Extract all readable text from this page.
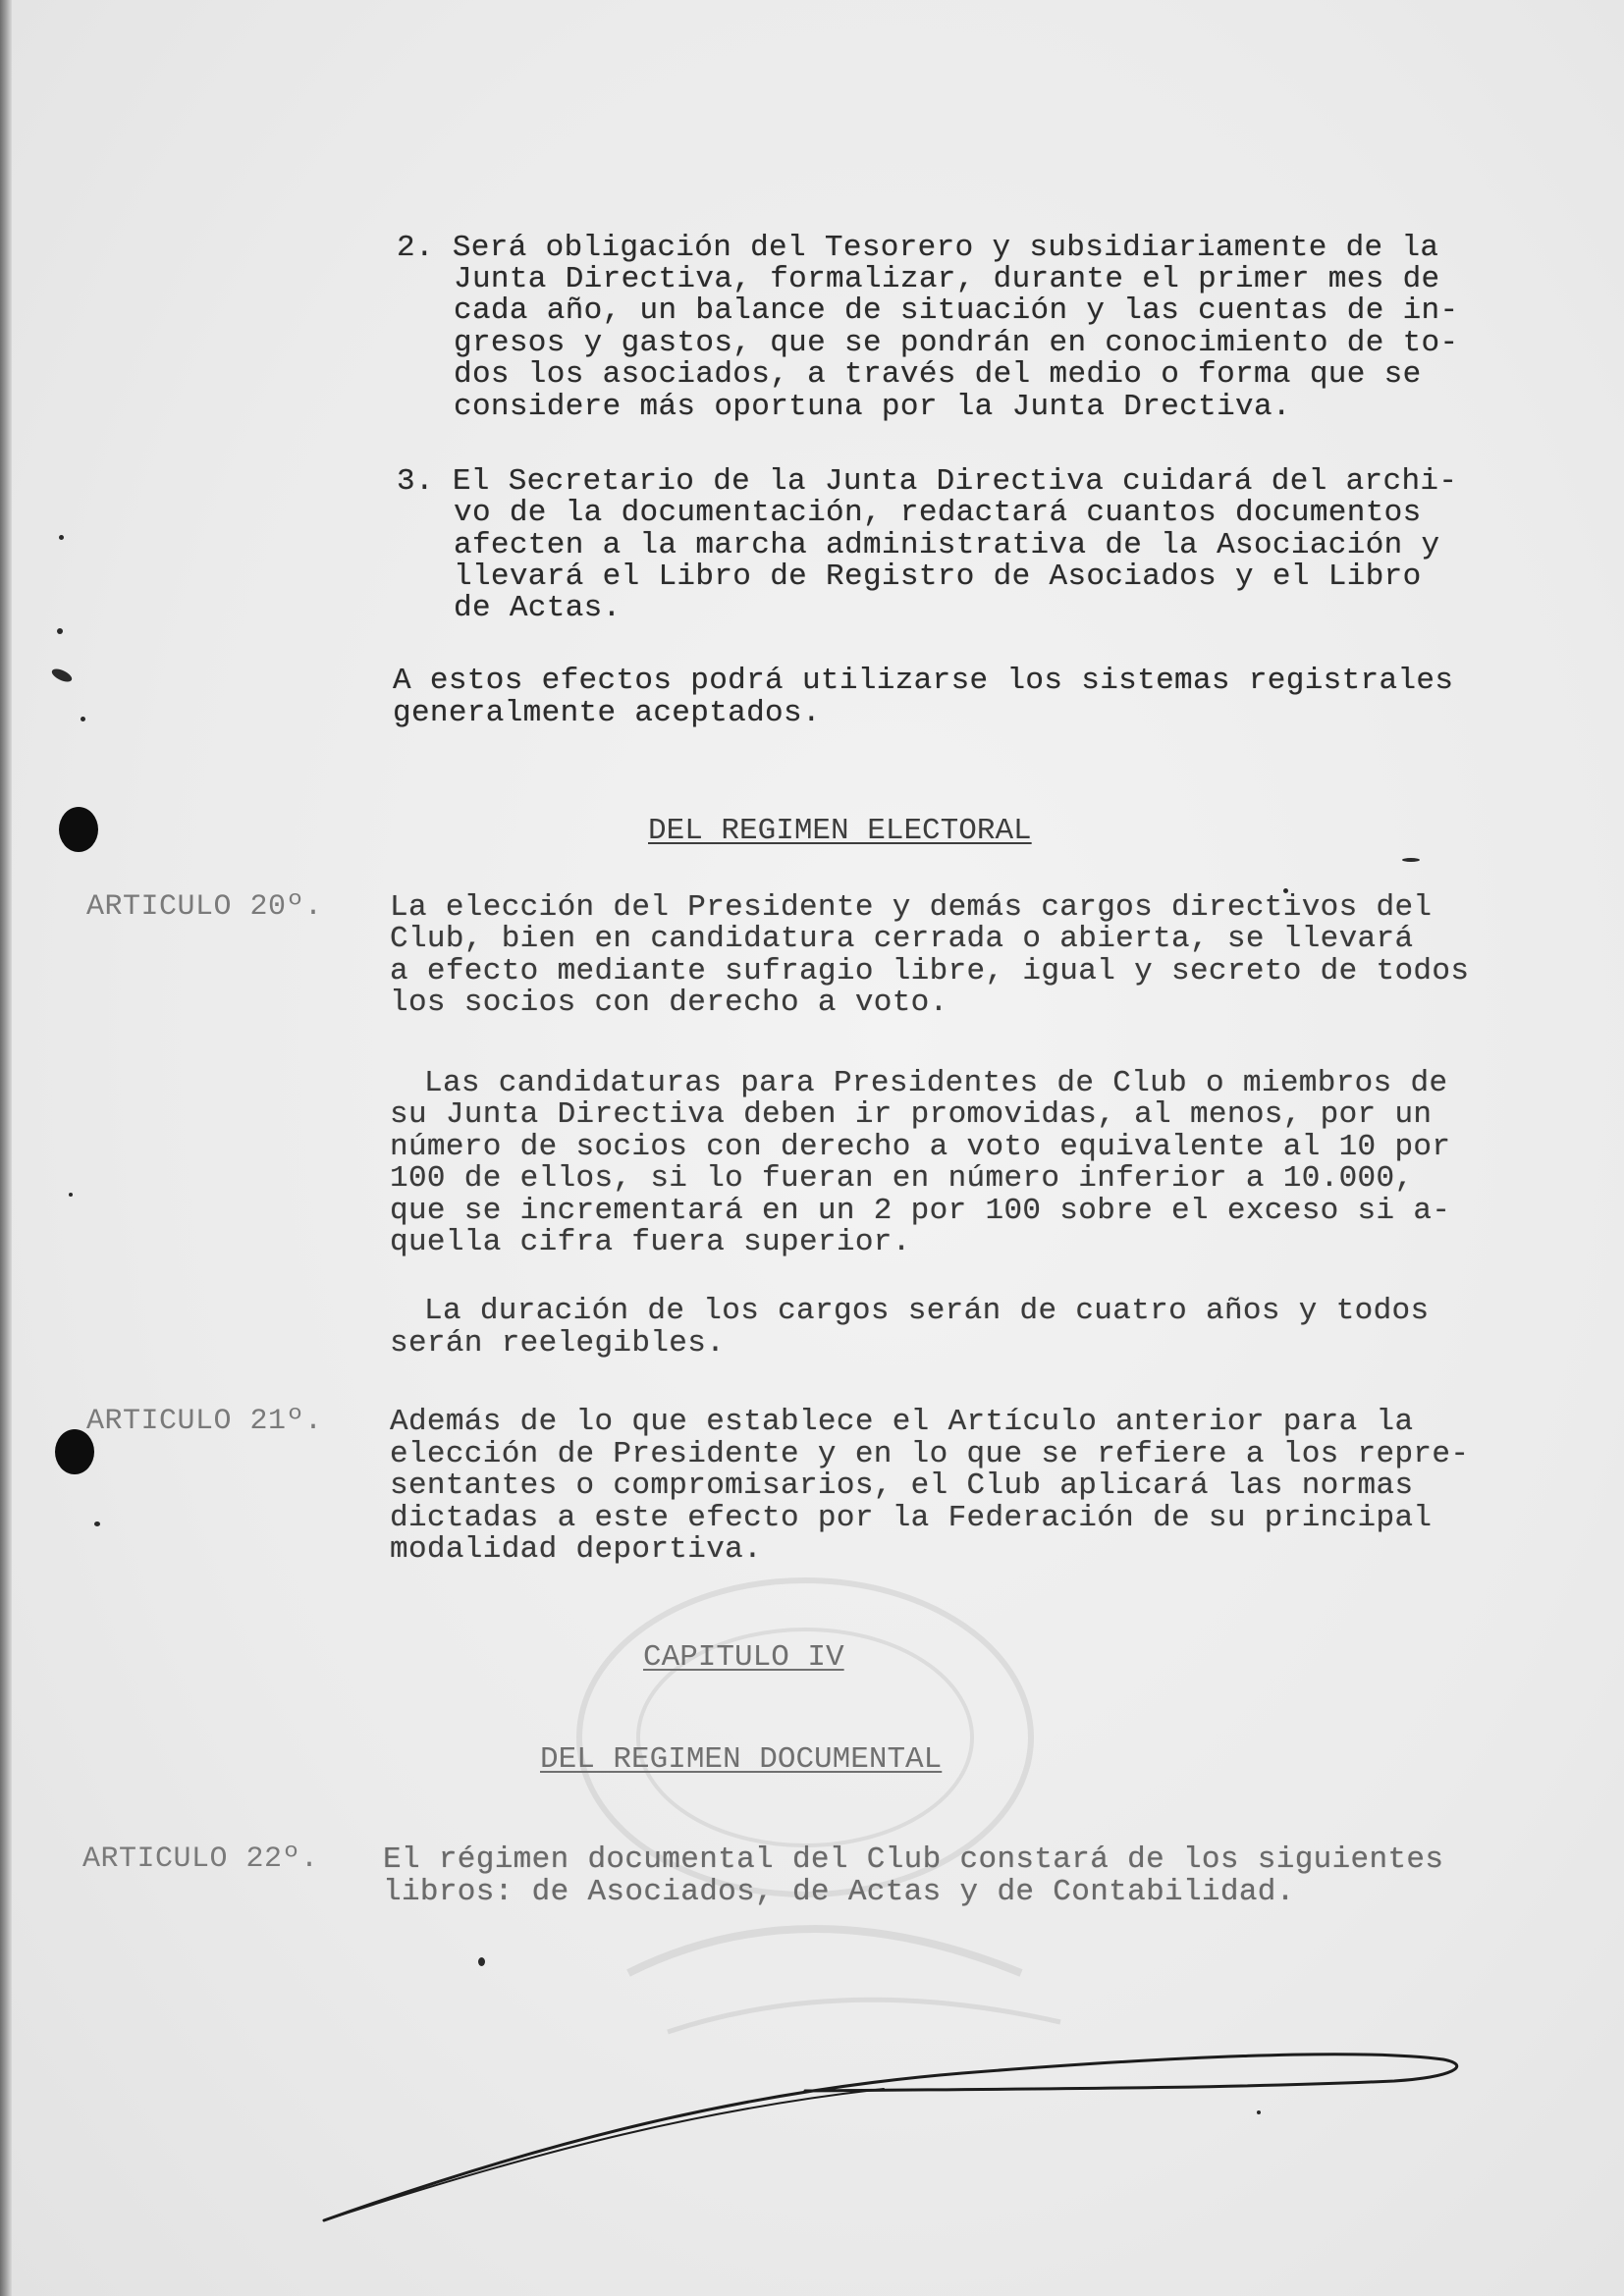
2. Será obligación del Tesorero y subsidiariamente de la
Junta Directiva, formalizar, durante el primer mes de
cada año, un balance de situación y las cuentas de in-
gresos y gastos, que se pondrán en conocimiento de to-
dos los asociados, a través del medio o forma que se
considere más oportuna por la Junta Drectiva.
3. El Secretario de la Junta Directiva cuidará del archi-
vo de la documentación, redactará cuantos documentos
afecten a la marcha administrativa de la Asociación y
llevará el Libro de Registro de Asociados y el Libro
de Actas.
A estos efectos podrá utilizarse los sistemas registrales
generalmente aceptados.
DEL REGIMEN ELECTORAL
ARTICULO 20º. La elección del Presidente y demás cargos directivos del
Club, bien en candidatura cerrada o abierta, se llevará
a efecto mediante sufragio libre, igual y secreto de todos
los socios con derecho a voto.
Las candidaturas para Presidentes de Club o miembros de
su Junta Directiva deben ir promovidas, al menos, por un
número de socios con derecho a voto equivalente al 10 por
100 de ellos, si lo fueran en número inferior a 10.000,
que se incrementará en un 2 por 100 sobre el exceso si a-
quella cifra fuera superior.
La duración de los cargos serán de cuatro años y todos
serán reelegibles.
ARTICULO 21º. Además de lo que establece el Artículo anterior para la
elección de Presidente y en lo que se refiere a los repre-
sentantes o compromisarios, el Club aplicará las normas
dictadas a este efecto por la Federación de su principal
modalidad deportiva.
CAPITULO IV
DEL REGIMEN DOCUMENTAL
ARTICULO 22º. El régimen documental del Club constará de los siguientes
libros: de Asociados, de Actas y de Contabilidad.
